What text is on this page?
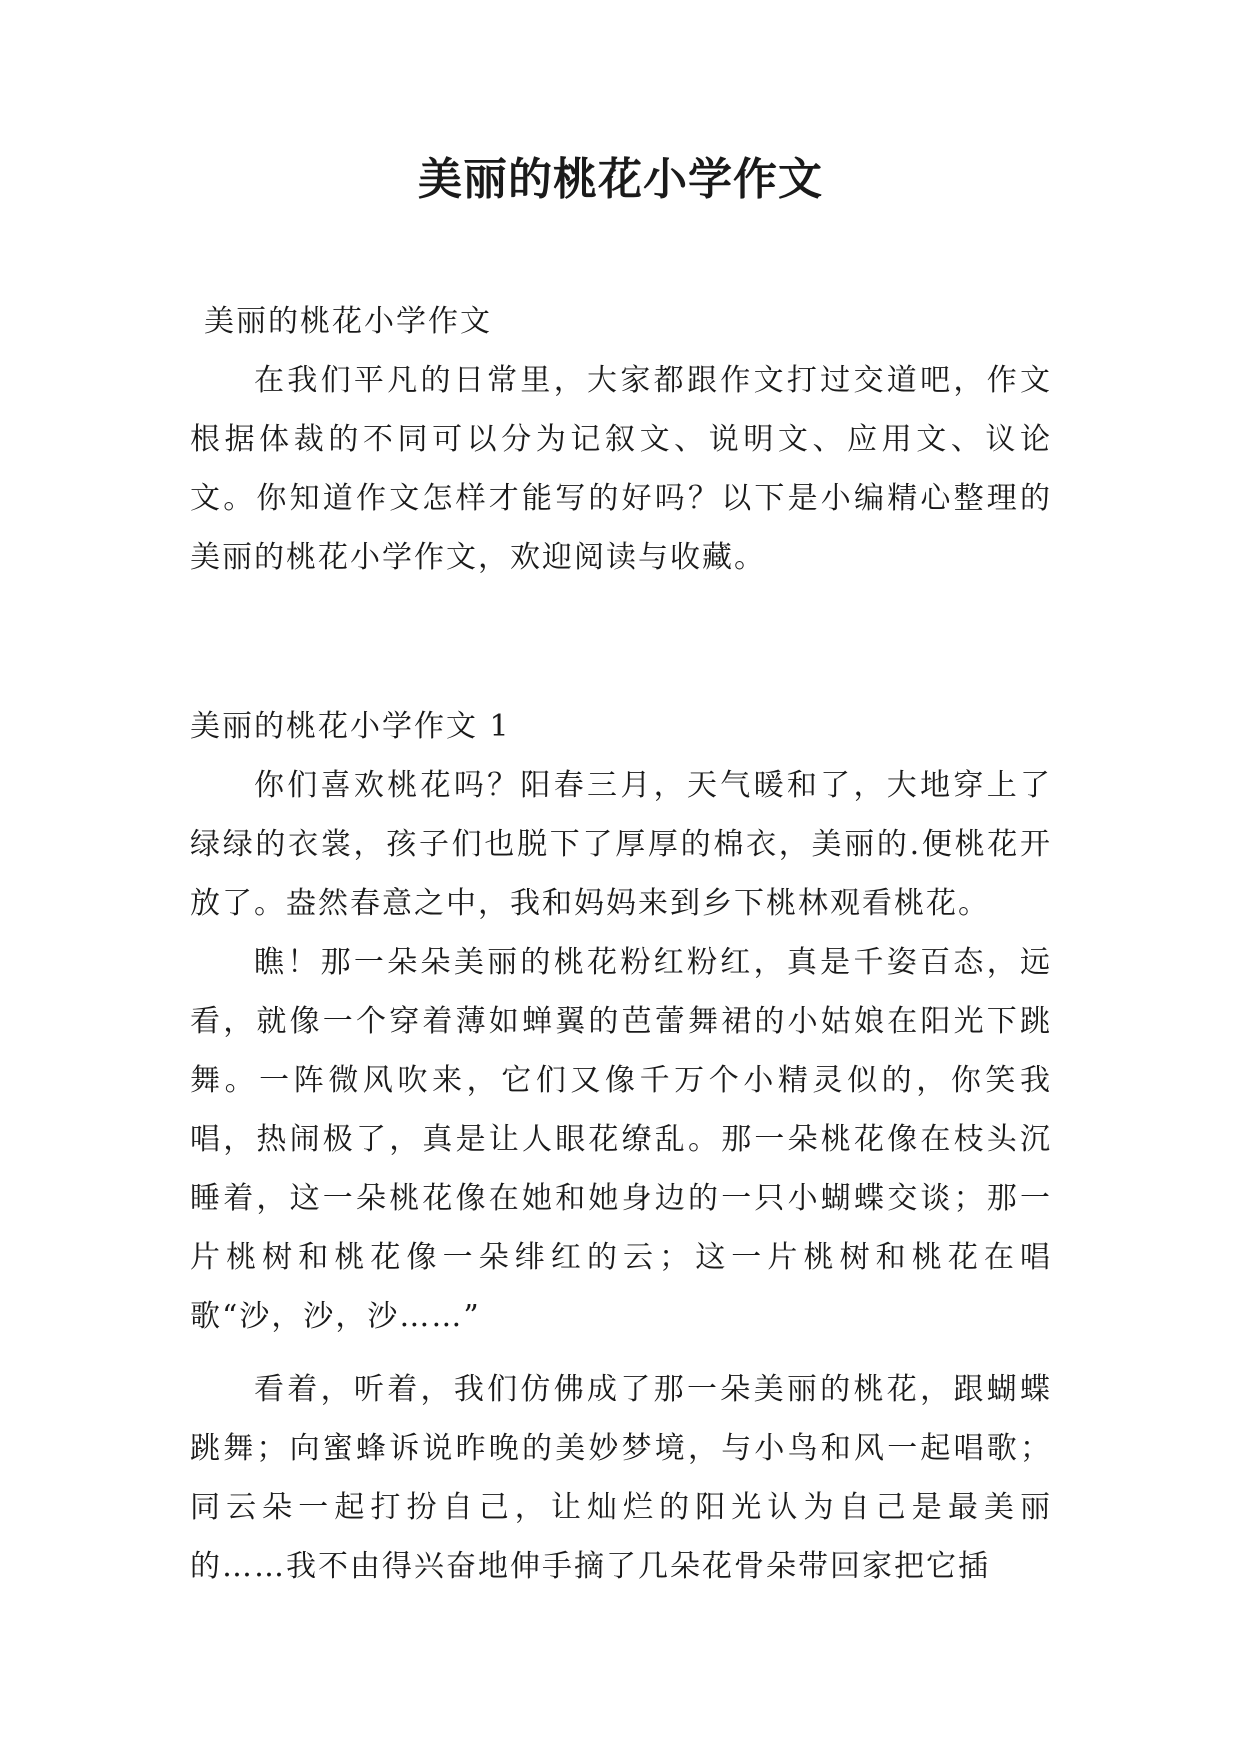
美丽的桃花小学作文

美丽的桃花小学作文

在我们平凡的日常里，大家都跟作文打过交道吧，作文根据体裁的不同可以分为记叙文、说明文、应用文、议论文。你知道作文怎样才能写的好吗？以下是小编精心整理的美丽的桃花小学作文，欢迎阅读与收藏。

美丽的桃花小学作文 1

你们喜欢桃花吗？阳春三月，天气暖和了，大地穿上了绿绿的衣裳，孩子们也脱下了厚厚的棉衣，美丽的.便桃花开放了。盎然春意之中，我和妈妈来到乡下桃林观看桃花。

瞧！那一朵朵美丽的桃花粉红粉红，真是千姿百态，远看，就像一个穿着薄如蝉翼的芭蕾舞裙的小姑娘在阳光下跳舞。一阵微风吹来，它们又像千万个小精灵似的，你笑我唱，热闹极了，真是让人眼花缭乱。那一朵桃花像在枝头沉睡着，这一朵桃花像在她和她身边的一只小蝴蝶交谈；那一片桃树和桃花像一朵绯红的云；这一片桃树和桃花在唱歌“沙，沙，沙……”

看着，听着，我们仿佛成了那一朵美丽的桃花，跟蝴蝶跳舞；向蜜蜂诉说昨晚的美妙梦境，与小鸟和风一起唱歌；同云朵一起打扮自己，让灿烂的阳光认为自己是最美丽的……我不由得兴奋地伸手摘了几朵花骨朵带回家把它插
